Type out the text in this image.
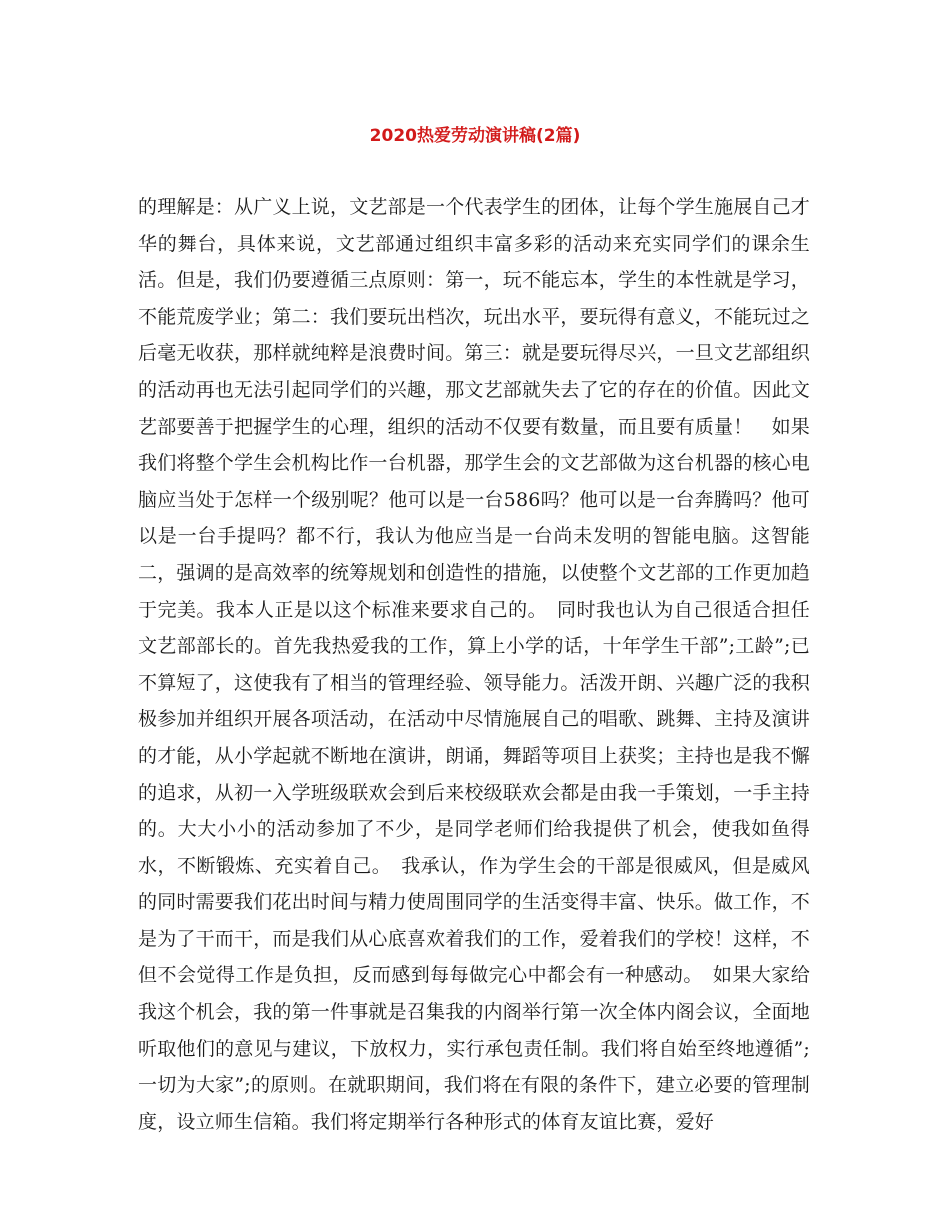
2020热爱劳动演讲稿(2篇)

的理解是：从广义上说，文艺部是一个代表学生的团体，让每个学生施展自己才华的舞台，具体来说，文艺部通过组织丰富多彩的活动来充实同学们的课余生活。但是，我们仍要遵循三点原则：第一，玩不能忘本，学生的本性就是学习，不能荒废学业；第二：我们要玩出档次，玩出水平，要玩得有意义，不能玩过之后毫无收获，那样就纯粹是浪费时间。第三：就是要玩得尽兴，一旦文艺部组织的活动再也无法引起同学们的兴趣，那文艺部就失去了它的存在的价值。因此文艺部要善于把握学生的心理，组织的活动不仅要有数量，而且要有质量！　如果我们将整个学生会机构比作一台机器，那学生会的文艺部做为这台机器的核心电脑应当处于怎样一个级别呢？他可以是一台586吗？他可以是一台奔腾吗？他可以是一台手提吗？都不行，我认为他应当是一台尚未发明的智能电脑。这智能二，强调的是高效率的统筹规划和创造性的措施，以使整个文艺部的工作更加趋于完美。我本人正是以这个标准来要求自己的。　同时我也认为自己很适合担任文艺部部长的。首先我热爱我的工作，算上小学的话，十年学生干部”;工龄”;已不算短了，这使我有了相当的管理经验、领导能力。活泼开朗、兴趣广泛的我积极参加并组织开展各项活动，在活动中尽情施展自己的唱歌、跳舞、主持及演讲的才能，从小学起就不断地在演讲，朗诵，舞蹈等项目上获奖；主持也是我不懈的追求，从初一入学班级联欢会到后来校级联欢会都是由我一手策划，一手主持的。大大小小的活动参加了不少，是同学老师们给我提供了机会，使我如鱼得水，不断锻炼、充实着自己。　我承认，作为学生会的干部是很威风，但是威风的同时需要我们花出时间与精力使周围同学的生活变得丰富、快乐。做工作，不是为了干而干，而是我们从心底喜欢着我们的工作，爱着我们的学校！这样，不但不会觉得工作是负担，反而感到每每做完心中都会有一种感动。　如果大家给我这个机会，我的第一件事就是召集我的内阁举行第一次全体内阁会议，全面地听取他们的意见与建议，下放权力，实行承包责任制。我们将自始至终地遵循”;一切为大家”;的原则。在就职期间，我们将在有限的条件下，建立必要的管理制度，设立师生信箱。我们将定期举行各种形式的体育友谊比赛，爱好
